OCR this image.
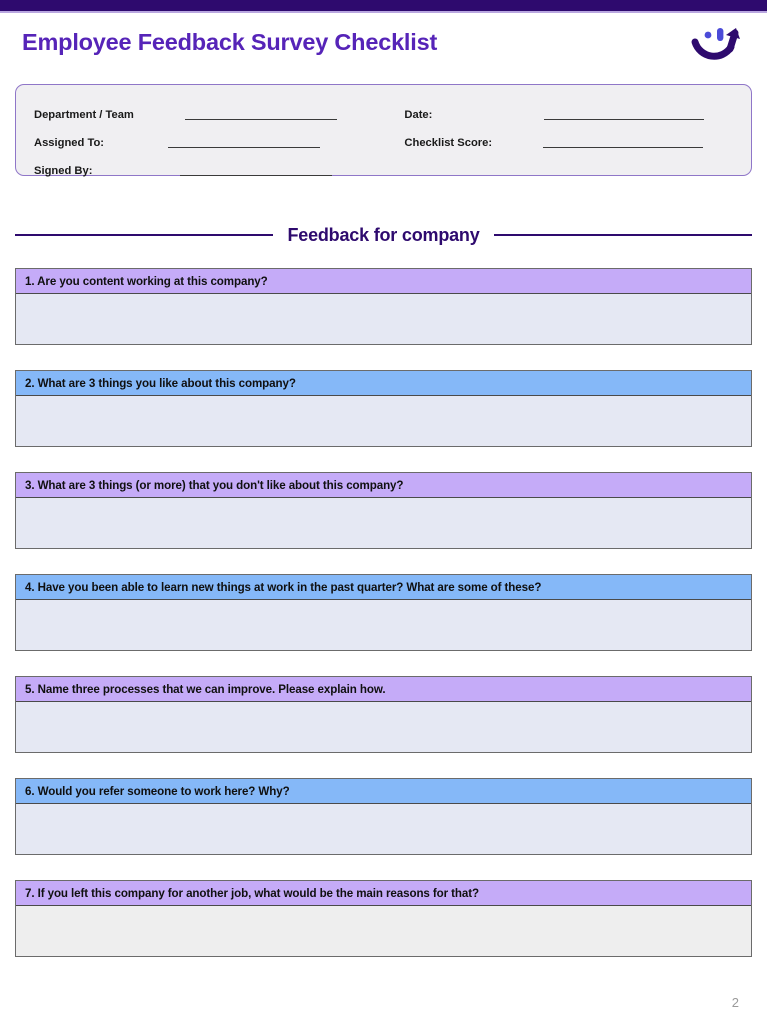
Employee Feedback Survey Checklist
Department / Team	Date:
Assigned To:	Checklist Score:
Signed By:
Feedback for company
1. Are you content working at this company?
2. What are 3 things you like about this company?
3. What are 3 things (or more) that you don't like about this company?
4. Have you been able to learn new things at work in the past quarter? What are some of these?
5. Name three processes that we can improve. Please explain how.
6. Would you refer someone to work here? Why?
7. If you left this company for another job, what would be the main reasons for that?
2
